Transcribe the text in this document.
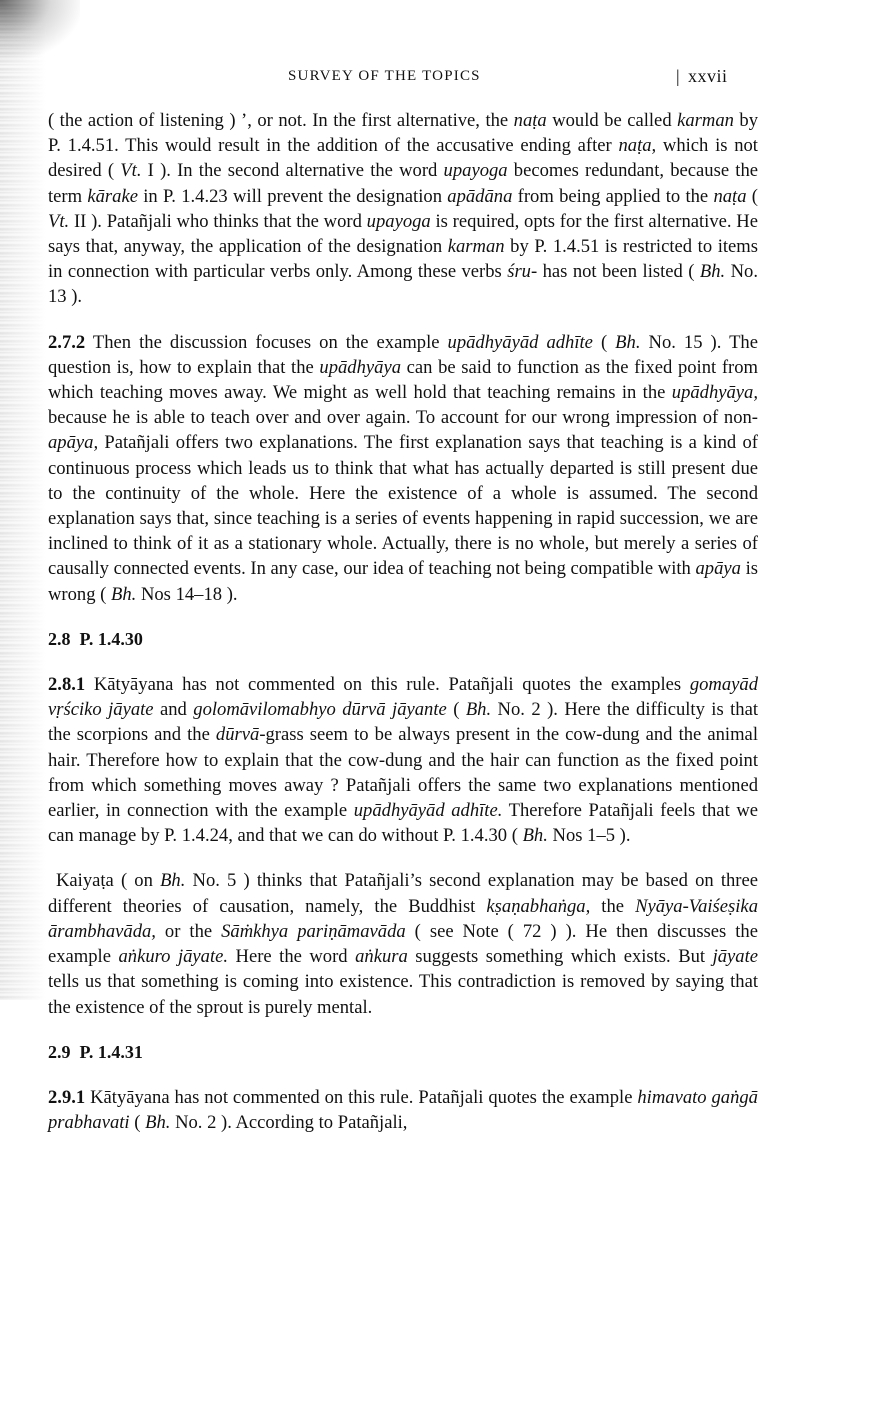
SURVEY OF THE TOPICS	| xxvii

( the action of listening ) ’, or not. In the first alternative, the naṭa would be called karman by P. 1.4.51. This would result in the addition of the accusative ending after naṭa, which is not desired ( Vt. I ). In the second alternative the word upayoga becomes redundant, because the term kārake in P. 1.4.23 will prevent the designation apādāna from being applied to the naṭa ( Vt. II ). Patañjali who thinks that the word upayoga is required, opts for the first alternative. He says that, anyway, the application of the designation karman by P. 1.4.51 is restricted to items in connection with particular verbs only. Among these verbs śru- has not been listed ( Bh. No. 13 ).

2.7.2 Then the discussion focuses on the example upādhyāyād adhīte ( Bh. No. 15 ). The question is, how to explain that the upādhyāya can be said to function as the fixed point from which teaching moves away. We might as well hold that teaching remains in the upādhyāya, because he is able to teach over and over again. To account for our wrong impression of non-apāya, Patañjali offers two explanations. The first explanation says that teaching is a kind of continuous process which leads us to think that what has actually departed is still present due to the continuity of the whole. Here the existence of a whole is assumed. The second explanation says that, since teaching is a series of events happening in rapid succession, we are inclined to think of it as a stationary whole. Actually, there is no whole, but merely a series of causally connected events. In any case, our idea of teaching not being compatible with apāya is wrong ( Bh. Nos 14–18 ).

2.8 P. 1.4.30

2.8.1 Kātyāyana has not commented on this rule. Patañjali quotes the examples gomayād vṛściko jāyate and golomāvilomabhyo dūrvā jāyante ( Bh. No. 2 ). Here the difficulty is that the scorpions and the dūrvā-grass seem to be always present in the cow-dung and the animal hair. Therefore how to explain that the cow-dung and the hair can function as the fixed point from which something moves away ? Patañjali offers the same two explanations mentioned earlier, in connection with the example upādhyāyād adhīte. Therefore Patañjali feels that we can manage by P. 1.4.24, and that we can do without P. 1.4.30 ( Bh. Nos 1–5 ).

Kaiyaṭa ( on Bh. No. 5 ) thinks that Patañjali’s second explanation may be based on three different theories of causation, namely, the Buddhist kṣaṇabhaṅga, the Nyāya-Vaiśeṣika ārambhavāda, or the Sāṁkhya pariṇāmavāda ( see Note ( 72 ) ). He then discusses the example aṅkuro jāyate. Here the word aṅkura suggests something which exists. But jāyate tells us that something is coming into existence. This contradiction is removed by saying that the existence of the sprout is purely mental.

2.9 P. 1.4.31

2.9.1 Kātyāyana has not commented on this rule. Patañjali quotes the example himavato gaṅgā prabhavati ( Bh. No. 2 ). According to Patañjali,
